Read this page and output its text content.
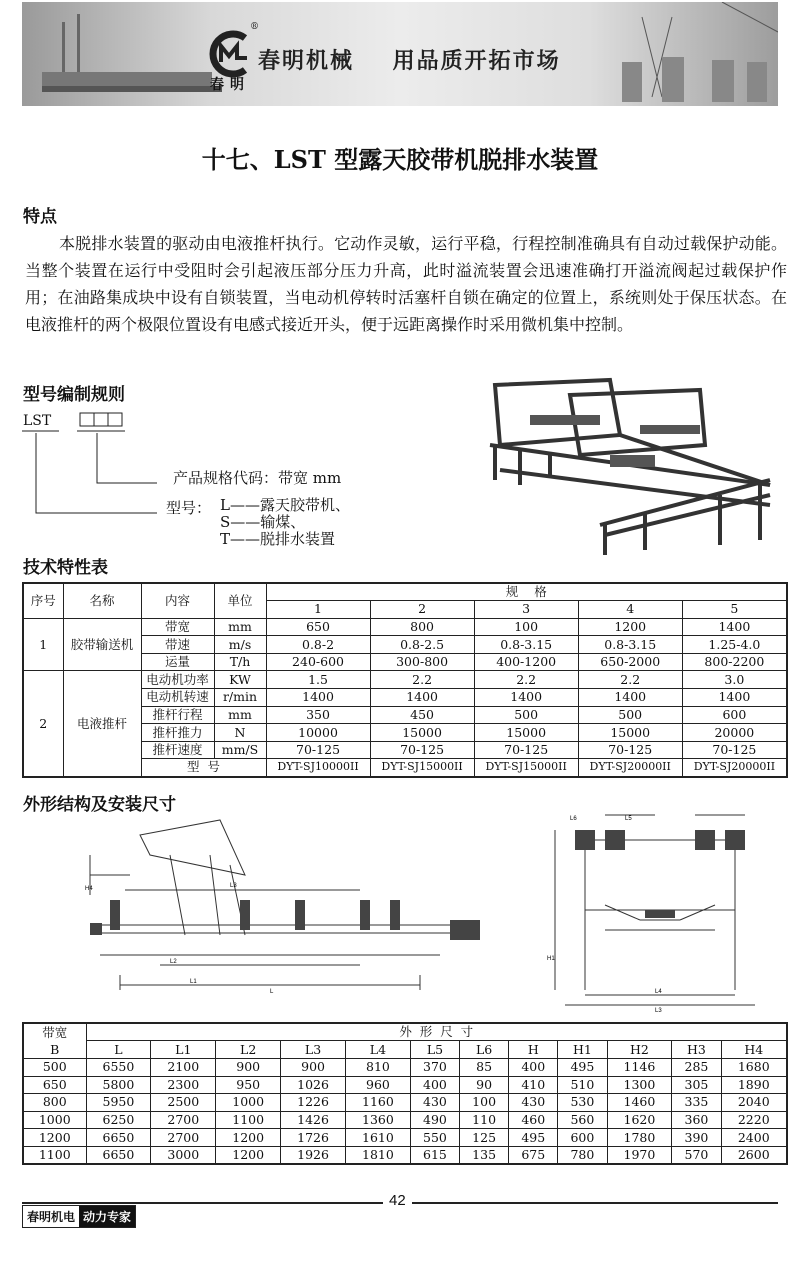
春明
®
春明机械    用品质开拓市场
十七、LST 型露天胶带机脱排水装置
特点
本脱排水装置的驱动由电液推杆执行。它动作灵敏，运行平稳，行程控制准确具有自动过载保护动能。当整个装置在运行中受阻时会引起液压部分压力升高，此时溢流装置会迅速准确打开溢流阀起过载保护作用；在油路集成块中设有自锁装置，当电动机停转时活塞杆自锁在确定的位置上，系统则处于保压状态。在电液推杆的两个极限位置设有电感式接近开头，便于远距离操作时采用微机集中控制。
型号编制规则
LST
产品规格代码：带宽 mm
型号： L——露天胶带机、
S——输煤、
T——脱排水装置
技术特性表
序号	名称	内容	单位	规    格				
				1	2	3	4	5
1	胶带输送机	带宽	mm	650	800	100	1200	1400
		带速	m/s	0.8-2	0.8-2.5	0.8-3.15	0.8-3.15	1.25-4.0
		运量	T/h	240-600	300-800	400-1200	650-2000	800-2200
2	电液推杆	电动机功率	KW	1.5	2.2	2.2	2.2	3.0
		电动机转速	r/min	1400	1400	1400	1400	1400
		推杆行程	mm	350	450	500	500	600
		推杆推力	N	10000	15000	15000	15000	20000
		推杆速度	mm/S	70-125	70-125	70-125	70-125	70-125
		型  号		DYT-SJ10000II	DYT-SJ15000II	DYT-SJ15000II	DYT-SJ20000II	DYT-SJ20000II
外形结构及安装尺寸
L3
L2
L1
L
H4
L6	L5
L4
L3
H1
带宽
B	外  形  尺  寸											
	L	L1	L2	L3	L4	L5	L6	H	H1	H2	H3	H4
500	6550	2100	900	900	810	370	85	400	495	1146	285	1680
650	5800	2300	950	1026	960	400	90	410	510	1300	305	1890
800	5950	2500	1000	1226	1160	430	100	430	530	1460	335	2040
1000	6250	2700	1100	1426	1360	490	110	460	560	1620	360	2220
1200	6650	2700	1200	1726	1610	550	125	495	600	1780	390	2400
1100	6650	3000	1200	1926	1810	615	135	675	780	1970	570	2600
42
春明机电 动力专家
